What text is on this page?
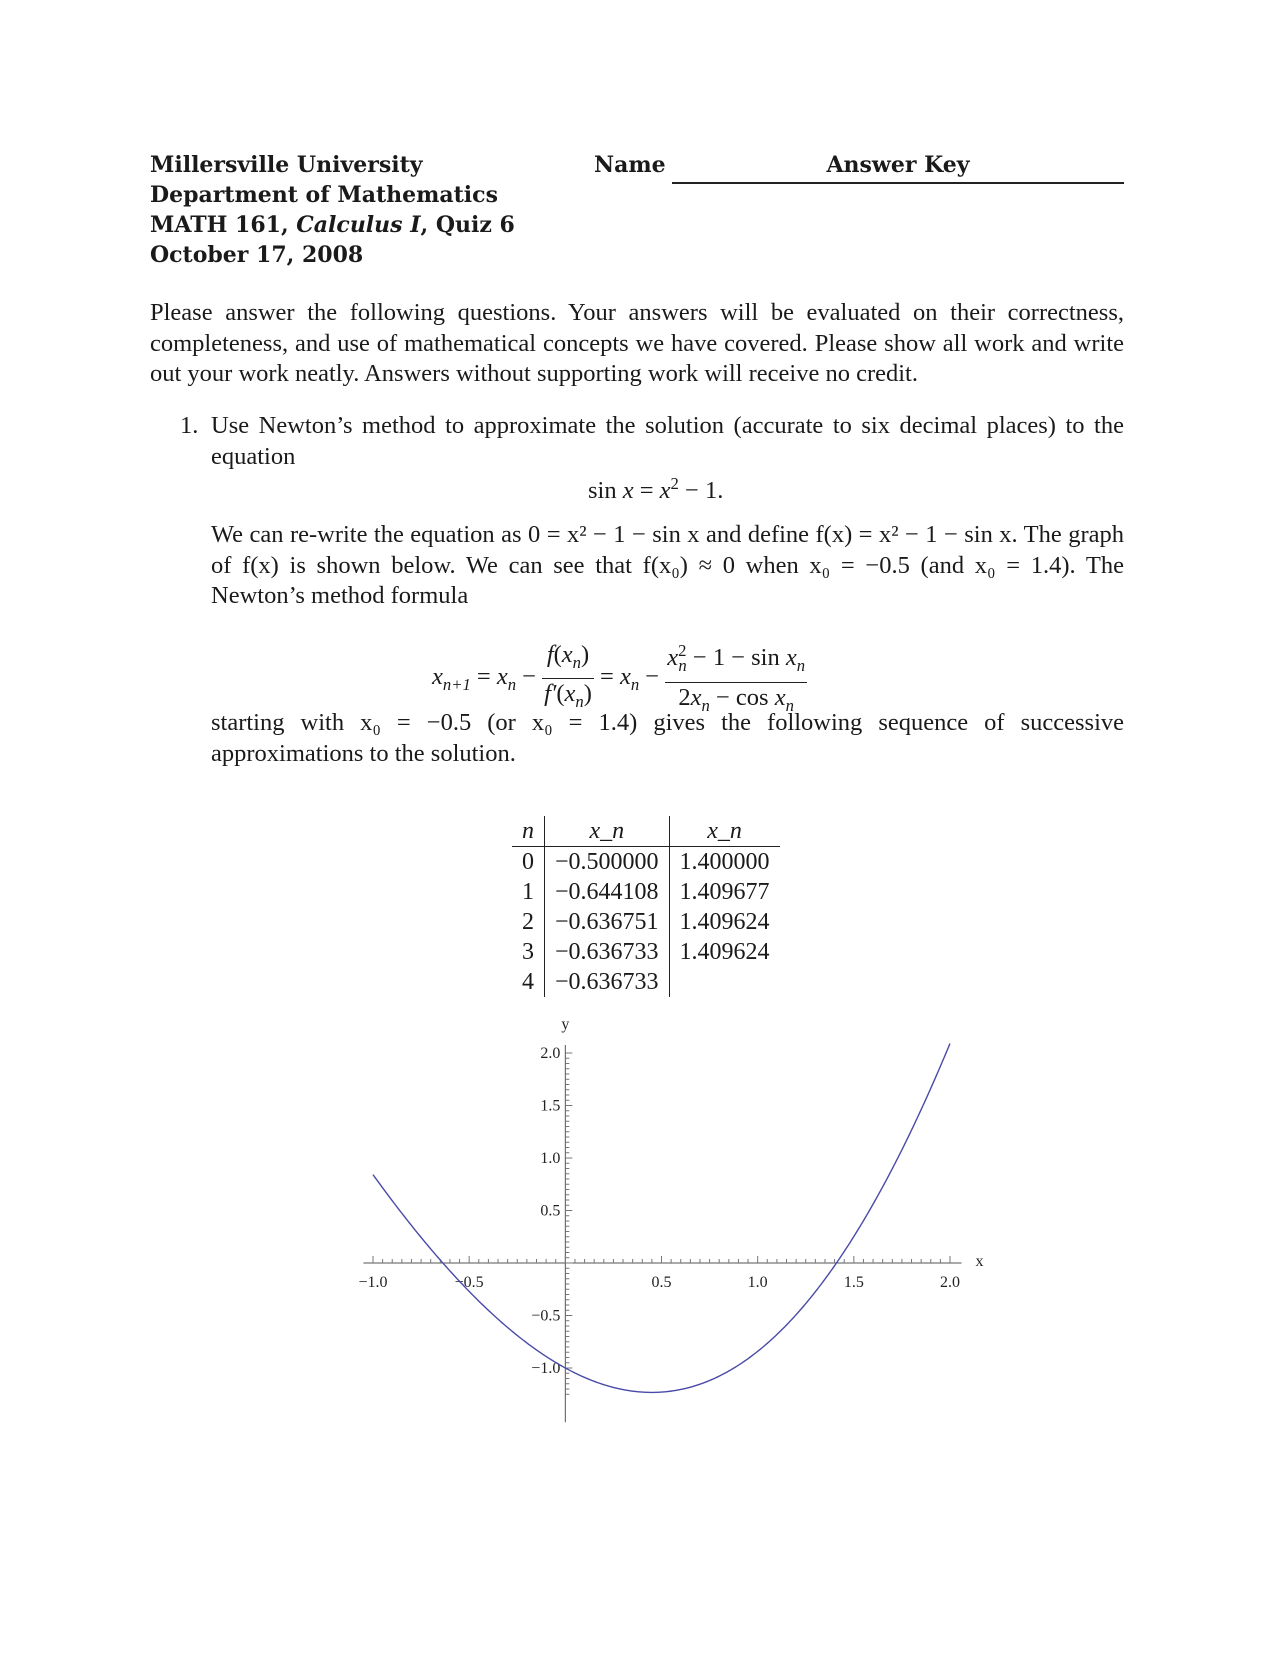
Millersville University
Department of Mathematics
MATH 161, Calculus I, Quiz 6
October 17, 2008
Name	Answer Key
Please answer the following questions. Your answers will be evaluated on their correctness, completeness, and use of mathematical concepts we have covered. Please show all work and write out your work neatly. Answers without supporting work will receive no credit.
1. Use Newton’s method to approximate the solution (accurate to six decimal places) to the equation
$\sin x = x^2 - 1$.
We can re-write the equation as 0 = x² − 1 − sin x and define f(x) = x² − 1 − sin x. The graph of f(x) is shown below. We can see that f(x₀) ≈ 0 when x₀ = −0.5 (and x₀ = 1.4). The Newton’s method formula
$x_{n+1} = x_n - \frac{f(x_n)}{f'(x_n)} = x_n - \frac{x^2_n - 1 - \sin x_n}{2x_n - \cos x_n}$
starting with x₀ = −0.5 (or x₀ = 1.4) gives the following sequence of successive approximations to the solution.
n	x_n	x_n
0	−0.500000	1.400000
1	−0.644108	1.409677
2	−0.636751	1.409624
3	−0.636733	1.409624
4	−0.636733	
−1.0	−0.5	0.5	1.0	1.5	2.0
2.0
1.5
1.0
0.5
−0.5
−1.0
x
y
